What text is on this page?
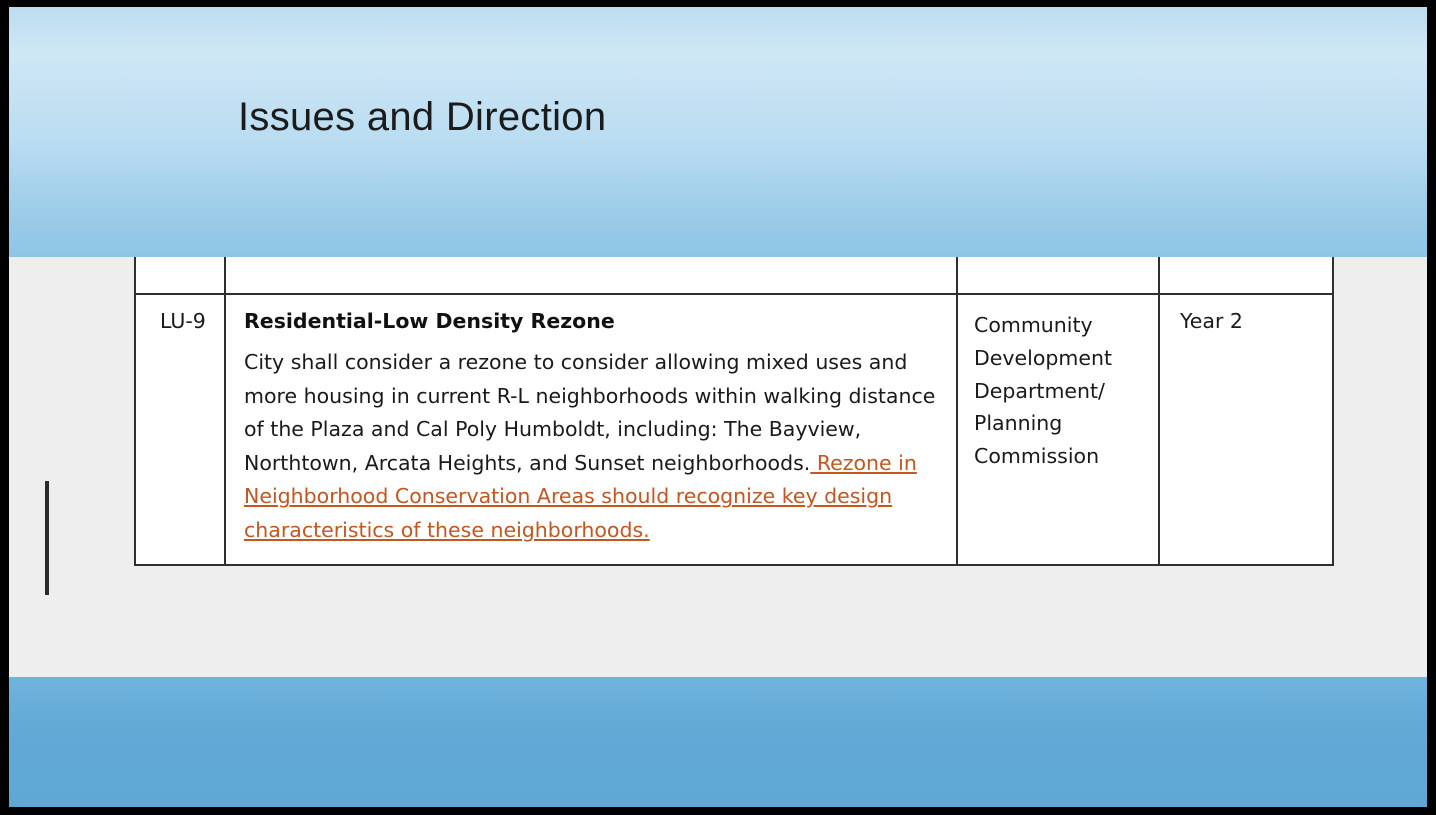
Issues and Direction
LU-9	Residential-Low Density Rezone
City shall consider a rezone to consider allowing mixed uses and more housing in current R-L neighborhoods within walking distance of the Plaza and Cal Poly Humboldt, including: The Bayview, Northtown, Arcata Heights, and Sunset neighborhoods. Rezone in Neighborhood Conservation Areas should recognize key design characteristics of these neighborhoods.
Community Development Department/ Planning Commission
Year 2
